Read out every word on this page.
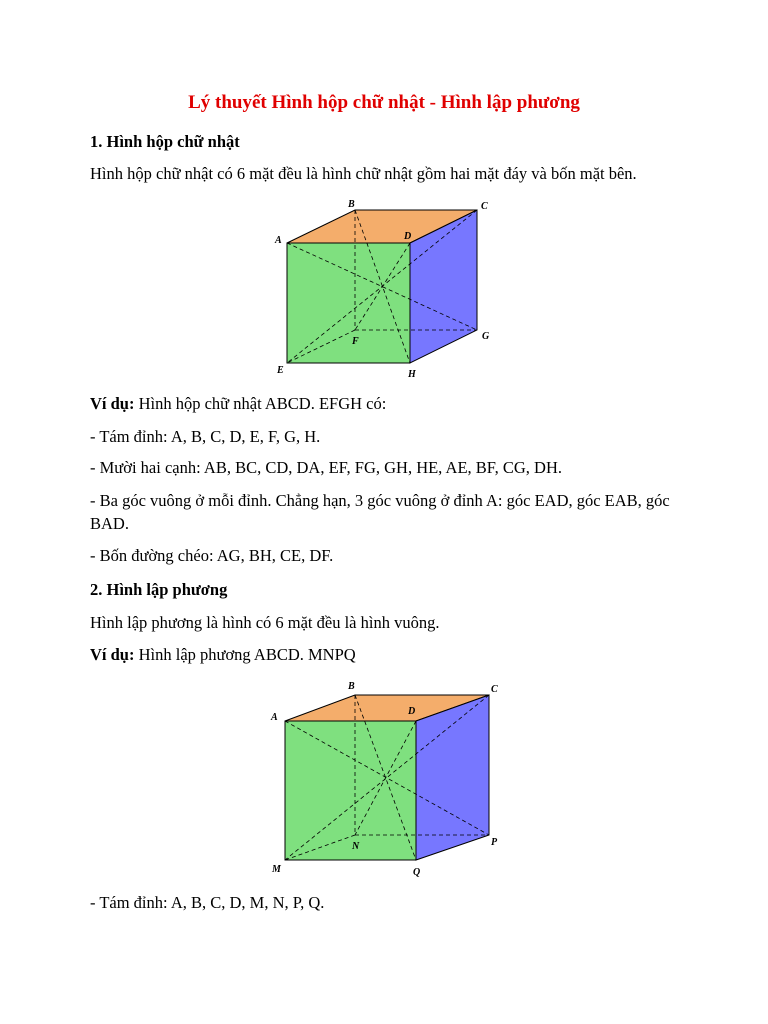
Lý thuyết Hình hộp chữ nhật - Hình lập phương

1. Hình hộp chữ nhật

Hình hộp chữ nhật có 6 mặt đều là hình chữ nhật gồm hai mặt đáy và bốn mặt bên.

A
B	C
D
E
F	G
H

Ví dụ: Hình hộp chữ nhật ABCD. EFGH có:

- Tám đỉnh: A, B, C, D, E, F, G, H.

- Mười hai cạnh: AB, BC, CD, DA, EF, FG, GH, HE, AE, BF, CG, DH.

- Ba góc vuông ở mỗi đỉnh. Chẳng hạn, 3 góc vuông ở đỉnh A: góc EAD, góc EAB, góc BAD.

- Bốn đường chéo: AG, BH, CE, DF.

2. Hình lập phương

Hình lập phương là hình có 6 mặt đều là hình vuông.

Ví dụ: Hình lập phương ABCD. MNPQ

A
B	C
D
M
N	P
Q

- Tám đỉnh: A, B, C, D, M, N, P, Q.
